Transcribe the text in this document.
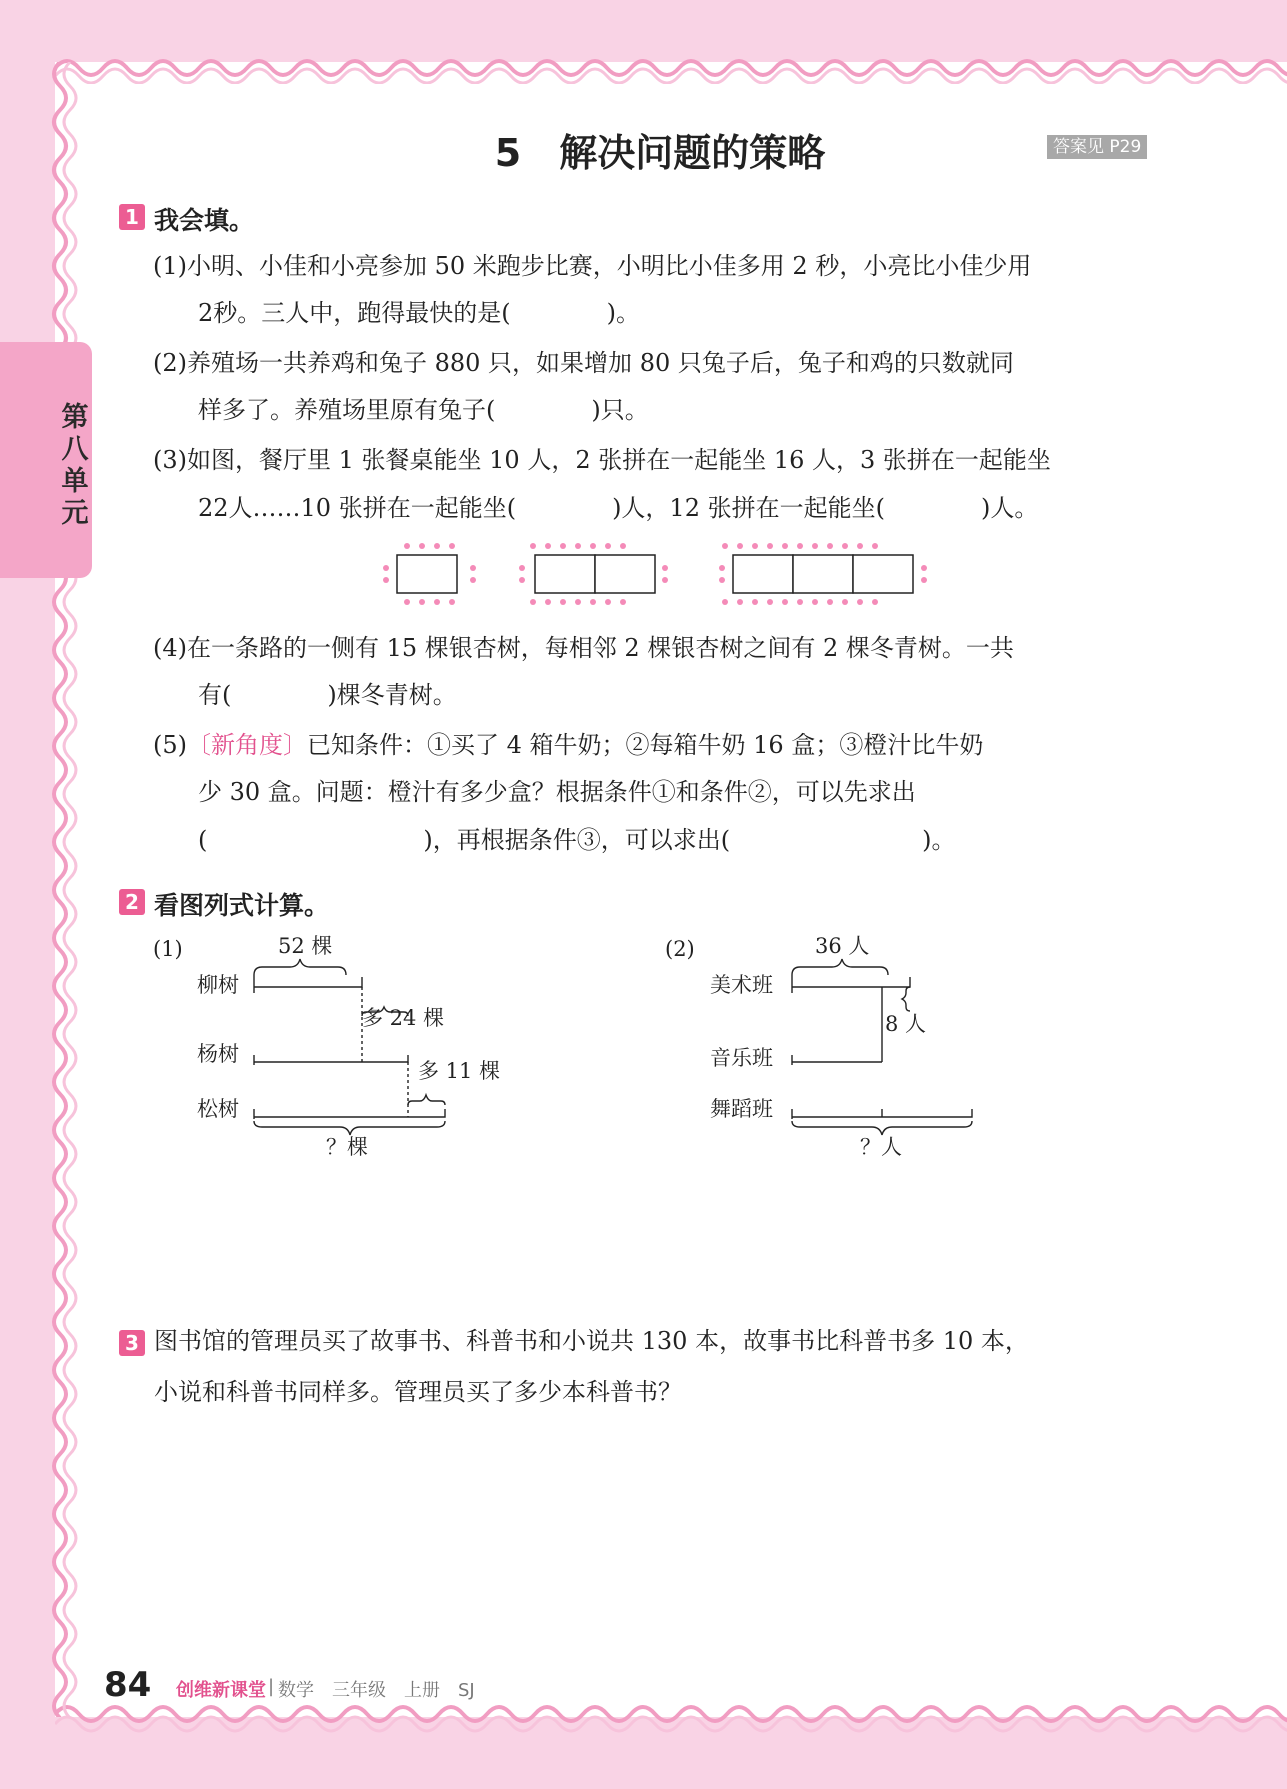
第八单元
5　解决问题的策略	答案见 P29
1 我会填。
(1)小明、小佳和小亮参加 50 米跑步比赛，小明比小佳多用 2 秒，小亮比小佳少用
2秒。三人中，跑得最快的是(　　　　)。
(2)养殖场一共养鸡和兔子 880 只，如果增加 80 只兔子后，兔子和鸡的只数就同
样多了。养殖场里原有兔子(　　　　)只。
(3)如图，餐厅里 1 张餐桌能坐 10 人，2 张拼在一起能坐 16 人，3 张拼在一起能坐
22人……10 张拼在一起能坐(　　　　)人，12 张拼在一起能坐(　　　　)人。
(4)在一条路的一侧有 15 棵银杏树，每相邻 2 棵银杏树之间有 2 棵冬青树。一共
有(　　　　)棵冬青树。
(5)〔新角度〕已知条件：①买了 4 箱牛奶；②每箱牛奶 16 盒；③橙汁比牛奶
少 30 盒。问题：橙汁有多少盒？根据条件①和条件②，可以先求出
(　　　　　　　　　)，再根据条件③，可以求出(　　　　　　　　)。
2 看图列式计算。
(1)	52 棵
柳树
杨树
松树
多 24 棵
多 11 棵
？棵
(2)	36 人
美术班
音乐班
舞蹈班
8 人
？人
3 图书馆的管理员买了故事书、科普书和小说共 130 本，故事书比科普书多 10 本，
小说和科普书同样多。管理员买了多少本科普书？
84 创维新课堂 | 数学　三年级　上册　SJ
